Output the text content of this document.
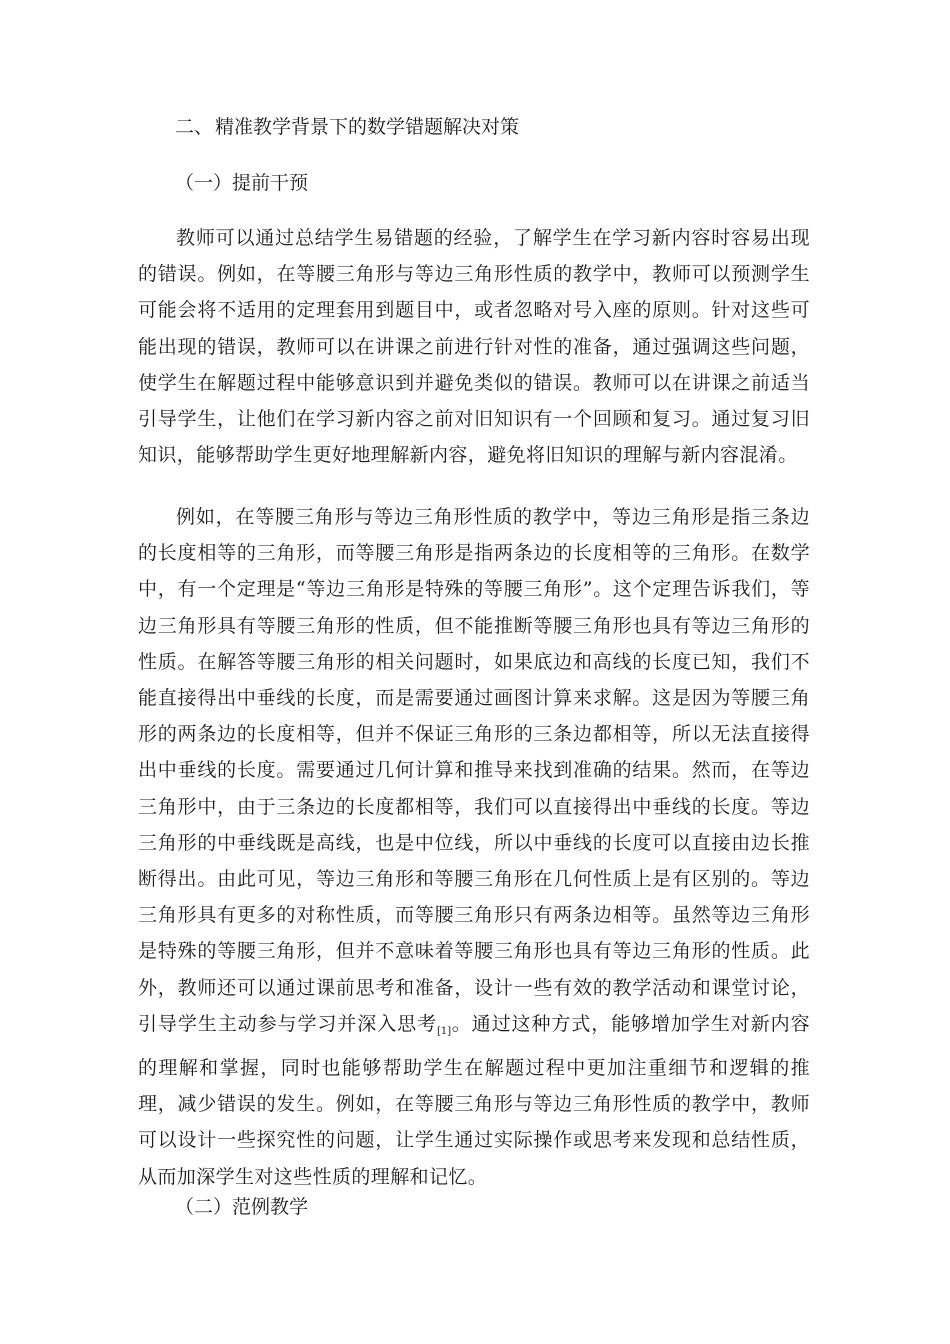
二、 精准教学背景下的数学错题解决对策
（一）提前干预

教师可以通过总结学生易错题的经验，了解学生在学习新内容时容易出现的错误。例如，在等腰三角形与等边三角形性质的教学中，教师可以预测学生可能会将不适用的定理套用到题目中，或者忽略对号入座的原则。针对这些可能出现的错误，教师可以在讲课之前进行针对性的准备，通过强调这些问题，使学生在解题过程中能够意识到并避免类似的错误。教师可以在讲课之前适当引导学生，让他们在学习新内容之前对旧知识有一个回顾和复习。通过复习旧知识，能够帮助学生更好地理解新内容，避免将旧知识的理解与新内容混淆。

例如，在等腰三角形与等边三角形性质的教学中，等边三角形是指三条边的长度相等的三角形，而等腰三角形是指两条边的长度相等的三角形。在数学中，有一个定理是“等边三角形是特殊的等腰三角形”。这个定理告诉我们，等边三角形具有等腰三角形的性质，但不能推断等腰三角形也具有等边三角形的性质。在解答等腰三角形的相关问题时，如果底边和高线的长度已知，我们不能直接得出中垂线的长度，而是需要通过画图计算来求解。这是因为等腰三角形的两条边的长度相等，但并不保证三角形的三条边都相等，所以无法直接得出中垂线的长度。需要通过几何计算和推导来找到准确的结果。然而，在等边三角形中，由于三条边的长度都相等，我们可以直接得出中垂线的长度。等边三角形的中垂线既是高线，也是中位线，所以中垂线的长度可以直接由边长推断得出。由此可见，等边三角形和等腰三角形在几何性质上是有区别的。等边三角形具有更多的对称性质，而等腰三角形只有两条边相等。虽然等边三角形是特殊的等腰三角形，但并不意味着等腰三角形也具有等边三角形的性质。此外，教师还可以通过课前思考和准备，设计一些有效的教学活动和课堂讨论，引导学生主动参与学习并深入思考$_{[1]}$。通过这种方式，能够增加学生对新内容的理解和掌握，同时也能够帮助学生在解题过程中更加注重细节和逻辑的推理，减少错误的发生。例如，在等腰三角形与等边三角形性质的教学中，教师可以设计一些探究性的问题，让学生通过实际操作或思考来发现和总结性质，从而加深学生对这些性质的理解和记忆。

（二）范例教学
